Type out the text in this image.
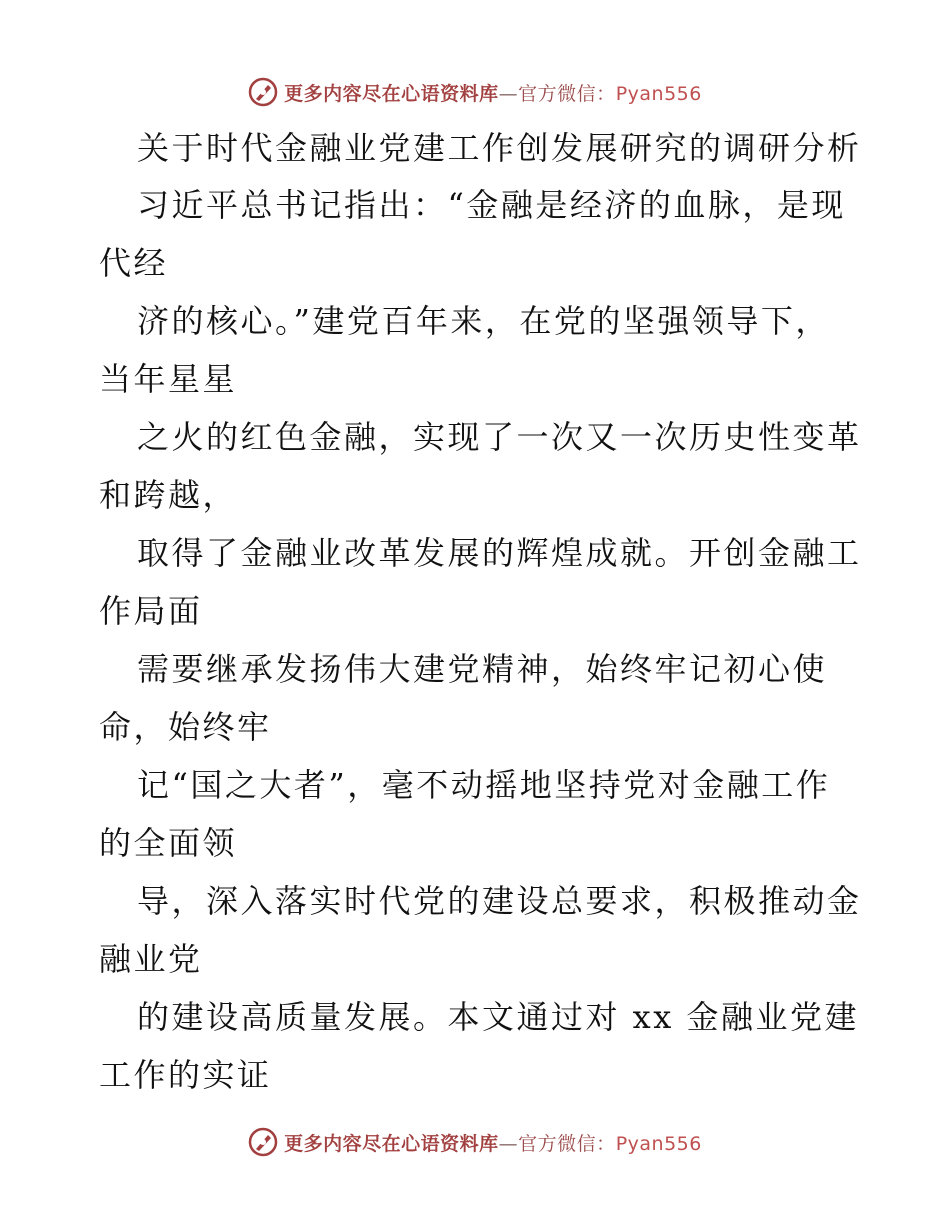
更多内容尽在心语资料库—官方微信：Pyan556
关于时代金融业党建工作创发展研究的调研分析
习近平总书记指出：“金融是经济的血脉，是现
代经
济的核心。”建党百年来，在党的坚强领导下，
当年星星
之火的红色金融，实现了一次又一次历史性变革
和跨越，
取得了金融业改革发展的辉煌成就。开创金融工
作局面
需要继承发扬伟大建党精神，始终牢记初心使
命，始终牢
记“国之大者”，毫不动摇地坚持党对金融工作
的全面领
导，深入落实时代党的建设总要求，积极推动金
融业党
的建设高质量发展。本文通过对 xx 金融业党建
工作的实证
更多内容尽在心语资料库—官方微信：Pyan556
